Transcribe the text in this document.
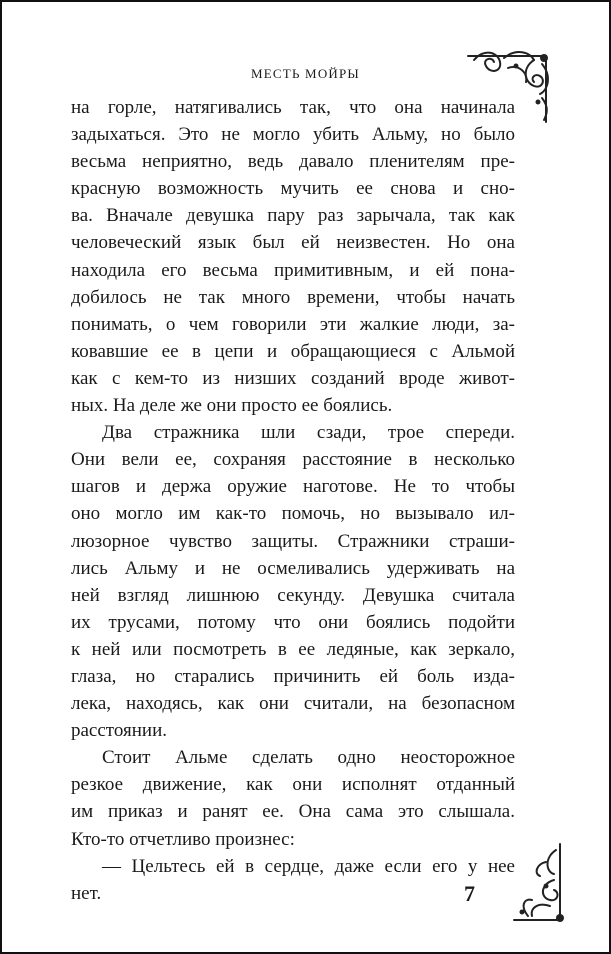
МЕСТЬ МОЙРЫ

на горле, натягивались так, что она начинала

задыхаться. Это не могло убить Альму, но было

весьма неприятно, ведь давало пленителям пре-

красную возможность мучить ее снова и сно-

ва. Вначале девушка пару раз зарычала, так как

человеческий язык был ей неизвестен. Но она

находила его весьма примитивным, и ей пона-

добилось не так много времени, чтобы начать

понимать, о чем говорили эти жалкие люди, за-

ковавшие ее в цепи и обращающиеся с Альмой

как с кем-то из низших созданий вроде живот-

ных. На деле же они просто ее боялись.

Два стражника шли сзади, трое спереди.

Они вели ее, сохраняя расстояние в несколько

шагов и держа оружие наготове. Не то чтобы

оно могло им как-то помочь, но вызывало ил-

люзорное чувство защиты. Стражники страши-

лись Альму и не осмеливались удерживать на

ней взгляд лишнюю секунду. Девушка считала

их трусами, потому что они боялись подойти

к ней или посмотреть в ее ледяные, как зеркало,

глаза, но старались причинить ей боль изда-

лека, находясь, как они считали, на безопасном

расстоянии.

Стоит Альме сделать одно неосторожное

резкое движение, как они исполнят отданный

им приказ и ранят ее. Она сама это слышала.

Кто-то отчетливо произнес:

— Цельтесь ей в сердце, даже если его у нее

нет.	7
